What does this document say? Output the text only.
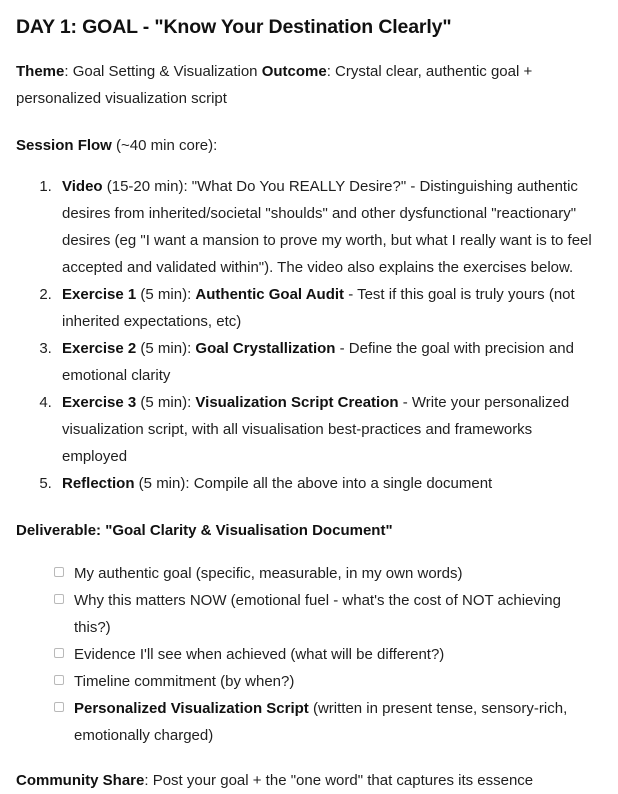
DAY 1: GOAL - "Know Your Destination Clearly"

Theme: Goal Setting & Visualization Outcome: Crystal clear, authentic goal + personalized visualization script

Session Flow (~40 min core):

1. Video (15-20 min): "What Do You REALLY Desire?" - Distinguishing authentic desires from inherited/societal "shoulds" and other dysfunctional "reactionary" desires (eg "I want a mansion to prove my worth, but what I really want is to feel accepted and validated within"). The video also explains the exercises below.
2. Exercise 1 (5 min): Authentic Goal Audit - Test if this goal is truly yours (not inherited expectations, etc)
3. Exercise 2 (5 min): Goal Crystallization - Define the goal with precision and emotional clarity
4. Exercise 3 (5 min): Visualization Script Creation - Write your personalized visualization script, with all visualisation best-practices and frameworks employed
5. Reflection (5 min): Compile all the above into a single document

Deliverable: "Goal Clarity & Visualisation Document"

My authentic goal (specific, measurable, in my own words)
Why this matters NOW (emotional fuel - what's the cost of NOT achieving this?)
Evidence I'll see when achieved (what will be different?)
Timeline commitment (by when?)
Personalized Visualization Script (written in present tense, sensory-rich, emotionally charged)

Community Share: Post your goal + the "one word" that captures its essence
